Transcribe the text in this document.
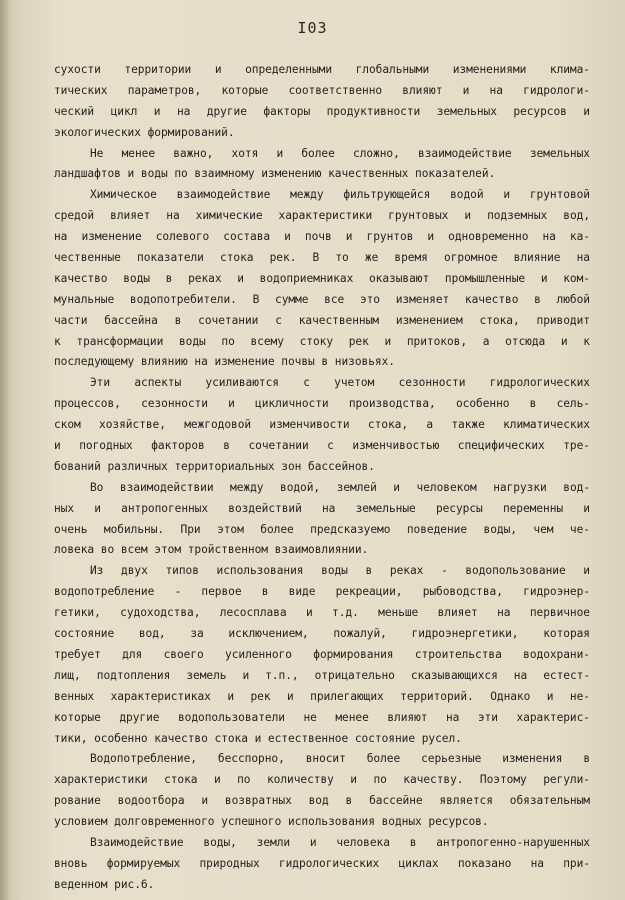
I03
сухости территории и определенными глобальными изменениями клима-
тических параметров, которые соответственно влияют и на гидрологи-
ческий цикл и на другие факторы продуктивности земельных ресурсов и
экологических формирований.
Не менее важно, хотя и более сложно, взаимодействие земельных
ландшафтов и воды по взаимному изменению качественных показателей.
Химическое взаимодействие между фильтрующейся водой и грунтовой
средой влияет на химические характеристики грунтовых и подземных вод,
на изменение солевого состава и почв и грунтов и одновременно на ка-
чественные показатели стока рек. В то же время огромное влияние на
качество воды в реках и водоприемниках оказывают промышленные и ком-
мунальные водопотребители. В сумме все это изменяет качество в любой
части бассейна в сочетании с качественным изменением стока, приводит
к трансформации воды по всему стоку рек и притоков, а отсюда и к
последующему влиянию на изменение почвы в низовьях.
Эти аспекты усиливаются с учетом сезонности гидрологических
процессов, сезонности и цикличности производства, особенно в сель-
ском хозяйстве, межгодовой изменчивости стока, а также климатических
и погодных факторов в сочетании с изменчивостью специфических тре-
бований различных территориальных зон бассейнов.
Во взаимодействии между водой, землей и человеком нагрузки вод-
ных и антропогенных воздействий на земельные ресурсы переменны и
очень мобильны. При этом более предсказуемо поведение воды, чем че-
ловека во всем этом тройственном взаимовлиянии.
Из двух типов использования воды в реках - водопользование и
водопотребление - первое в виде рекреации, рыбоводства, гидроэнер-
гетики, судоходства, лесосплава и т.д. меньше влияет на первичное
состояние вод, за исключением, пожалуй, гидроэнергетики, которая
требует для своего усиленного формирования строительства водохрани-
лищ, подтопления земель и т.п., отрицательно сказывающихся на естест-
венных характеристиках и рек и прилегающих территорий. Однако и не-
которые другие водопользователи не менее влияют на эти характерис-
тики, особенно качество стока и естественное состояние русел.
Водопотребление, бесспорно, вносит более серьезные изменения в
характеристики стока и по количеству и по качеству. Поэтому регули-
рование водоотбора и возвратных вод в бассейне является обязательным
условием долговременного успешного использования водных ресурсов.
Взаимодействие воды, земли и человека в антропогенно-нарушенных
вновь формируемых природных гидрологических циклах показано на при-
веденном рис.6.
